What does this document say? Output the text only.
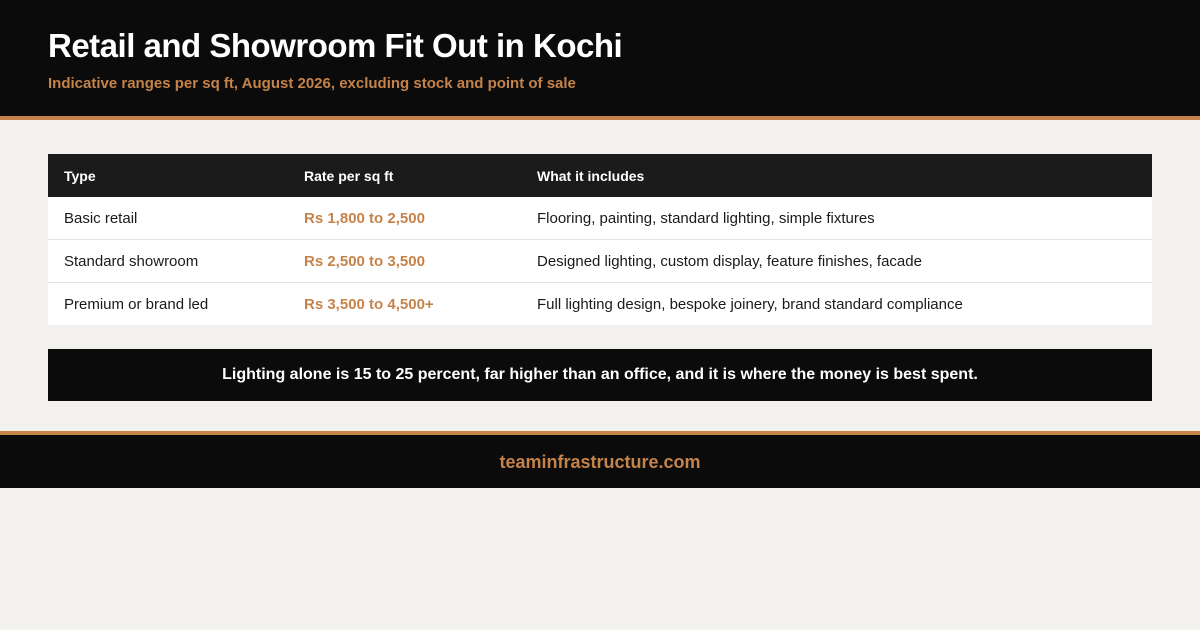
Retail and Showroom Fit Out in Kochi

Indicative ranges per sq ft, August 2026, excluding stock and point of sale

Type	Rate per sq ft	What it includes
Basic retail	Rs 1,800 to 2,500	Flooring, painting, standard lighting, simple fixtures
Standard showroom	Rs 2,500 to 3,500	Designed lighting, custom display, feature finishes, facade
Premium or brand led	Rs 3,500 to 4,500+	Full lighting design, bespoke joinery, brand standard compliance
Lighting alone is 15 to 25 percent, far higher than an office, and it is where the money is best spent.
teaminfrastructure.com
